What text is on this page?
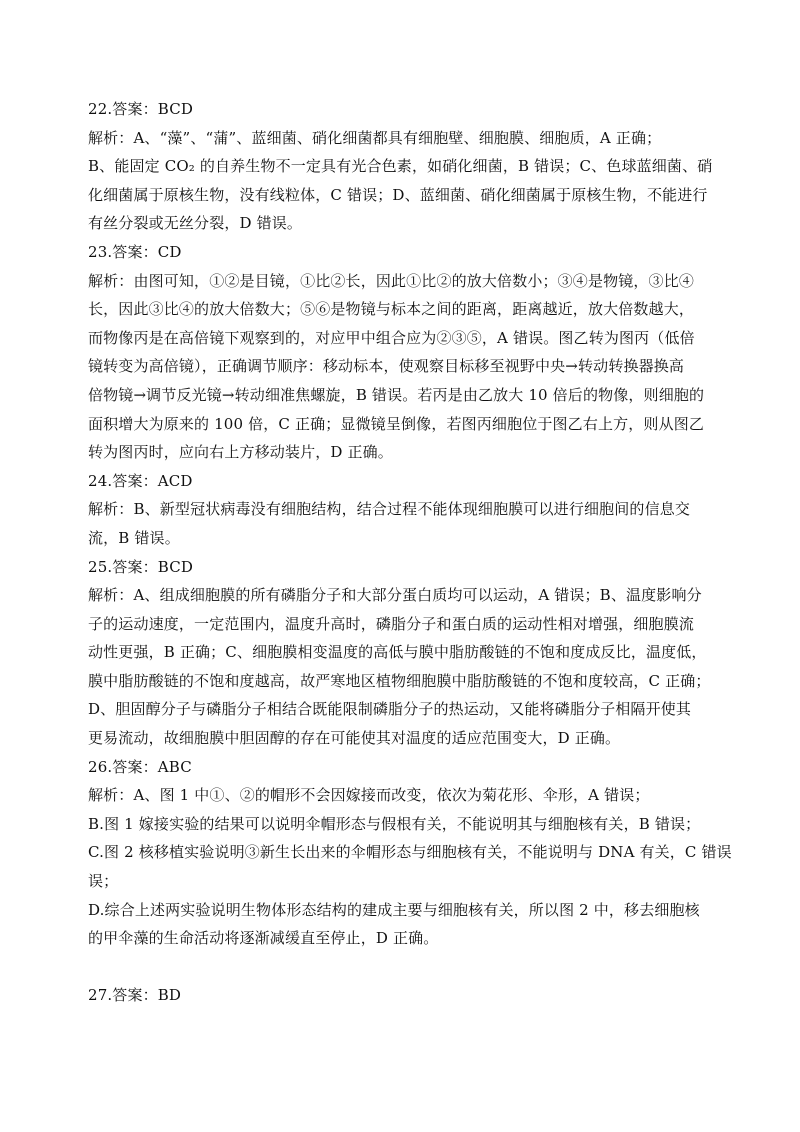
22.答案：BCD
解析：A、“藻”、“蒲”、蓝细菌、硝化细菌都具有细胞壁、细胞膜、细胞质，A 正确；
B、能固定 CO₂ 的自养生物不一定具有光合色素，如硝化细菌，B 错误；C、色球蓝细菌、硝
化细菌属于原核生物，没有线粒体，C 错误；D、蓝细菌、硝化细菌属于原核生物，不能进行
有丝分裂或无丝分裂，D 错误。
23.答案：CD
解析：由图可知，①②是目镜，①比②长，因此①比②的放大倍数小；③④是物镜，③比④
长，因此③比④的放大倍数大；⑤⑥是物镜与标本之间的距离，距离越近，放大倍数越大，
而物像丙是在高倍镜下观察到的，对应甲中组合应为②③⑤，A 错误。图乙转为图丙（低倍
镜转变为高倍镜），正确调节顺序：移动标本，使观察目标移至视野中央→转动转换器换高
倍物镜→调节反光镜→转动细准焦螺旋，B 错误。若丙是由乙放大 10 倍后的物像，则细胞的
面积增大为原来的 100 倍，C 正确；显微镜呈倒像，若图丙细胞位于图乙右上方，则从图乙
转为图丙时，应向右上方移动装片，D 正确。
24.答案：ACD
解析：B、新型冠状病毒没有细胞结构，结合过程不能体现细胞膜可以进行细胞间的信息交
流，B 错误。
25.答案：BCD
解析：A、组成细胞膜的所有磷脂分子和大部分蛋白质均可以运动，A 错误；B、温度影响分
子的运动速度，一定范围内，温度升高时，磷脂分子和蛋白质的运动性相对增强，细胞膜流
动性更强，B 正确；C、细胞膜相变温度的高低与膜中脂肪酸链的不饱和度成反比，温度低，
膜中脂肪酸链的不饱和度越高，故严寒地区植物细胞膜中脂肪酸链的不饱和度较高，C 正确；
D、胆固醇分子与磷脂分子相结合既能限制磷脂分子的热运动，又能将磷脂分子相隔开使其
更易流动，故细胞膜中胆固醇的存在可能使其对温度的适应范围变大，D 正确。
26.答案：ABC
解析：A、图 1 中①、②的帽形不会因嫁接而改变，依次为菊花形、伞形，A 错误；
B.图 1 嫁接实验的结果可以说明伞帽形态与假根有关，不能说明其与细胞核有关，B 错误；
C.图 2 核移植实验说明③新生长出来的伞帽形态与细胞核有关，不能说明与 DNA 有关，C 错误
误；
D.综合上述两实验说明生物体形态结构的建成主要与细胞核有关，所以图 2 中，移去细胞核
的甲伞藻的生命活动将逐渐减缓直至停止，D 正确。
27.答案：BD
